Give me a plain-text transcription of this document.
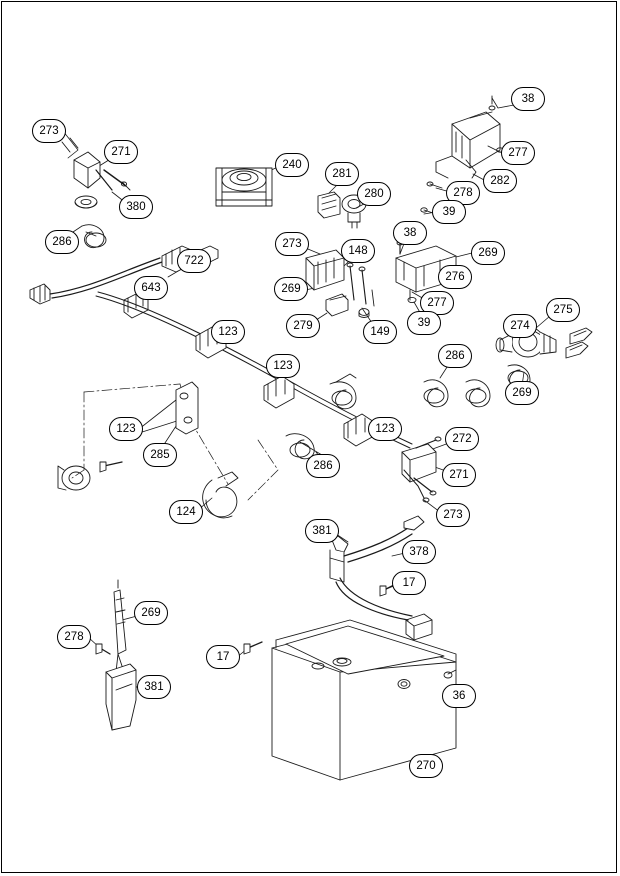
38
277
282
278
39
273
271
240
281
280
380
286	273
148
38
269
276
722
269
277
39
643
279	149
275
274
123
286
123
269
123	123
272
271
285
286
273
124
381
378
17
269
278
17
381
36
270
